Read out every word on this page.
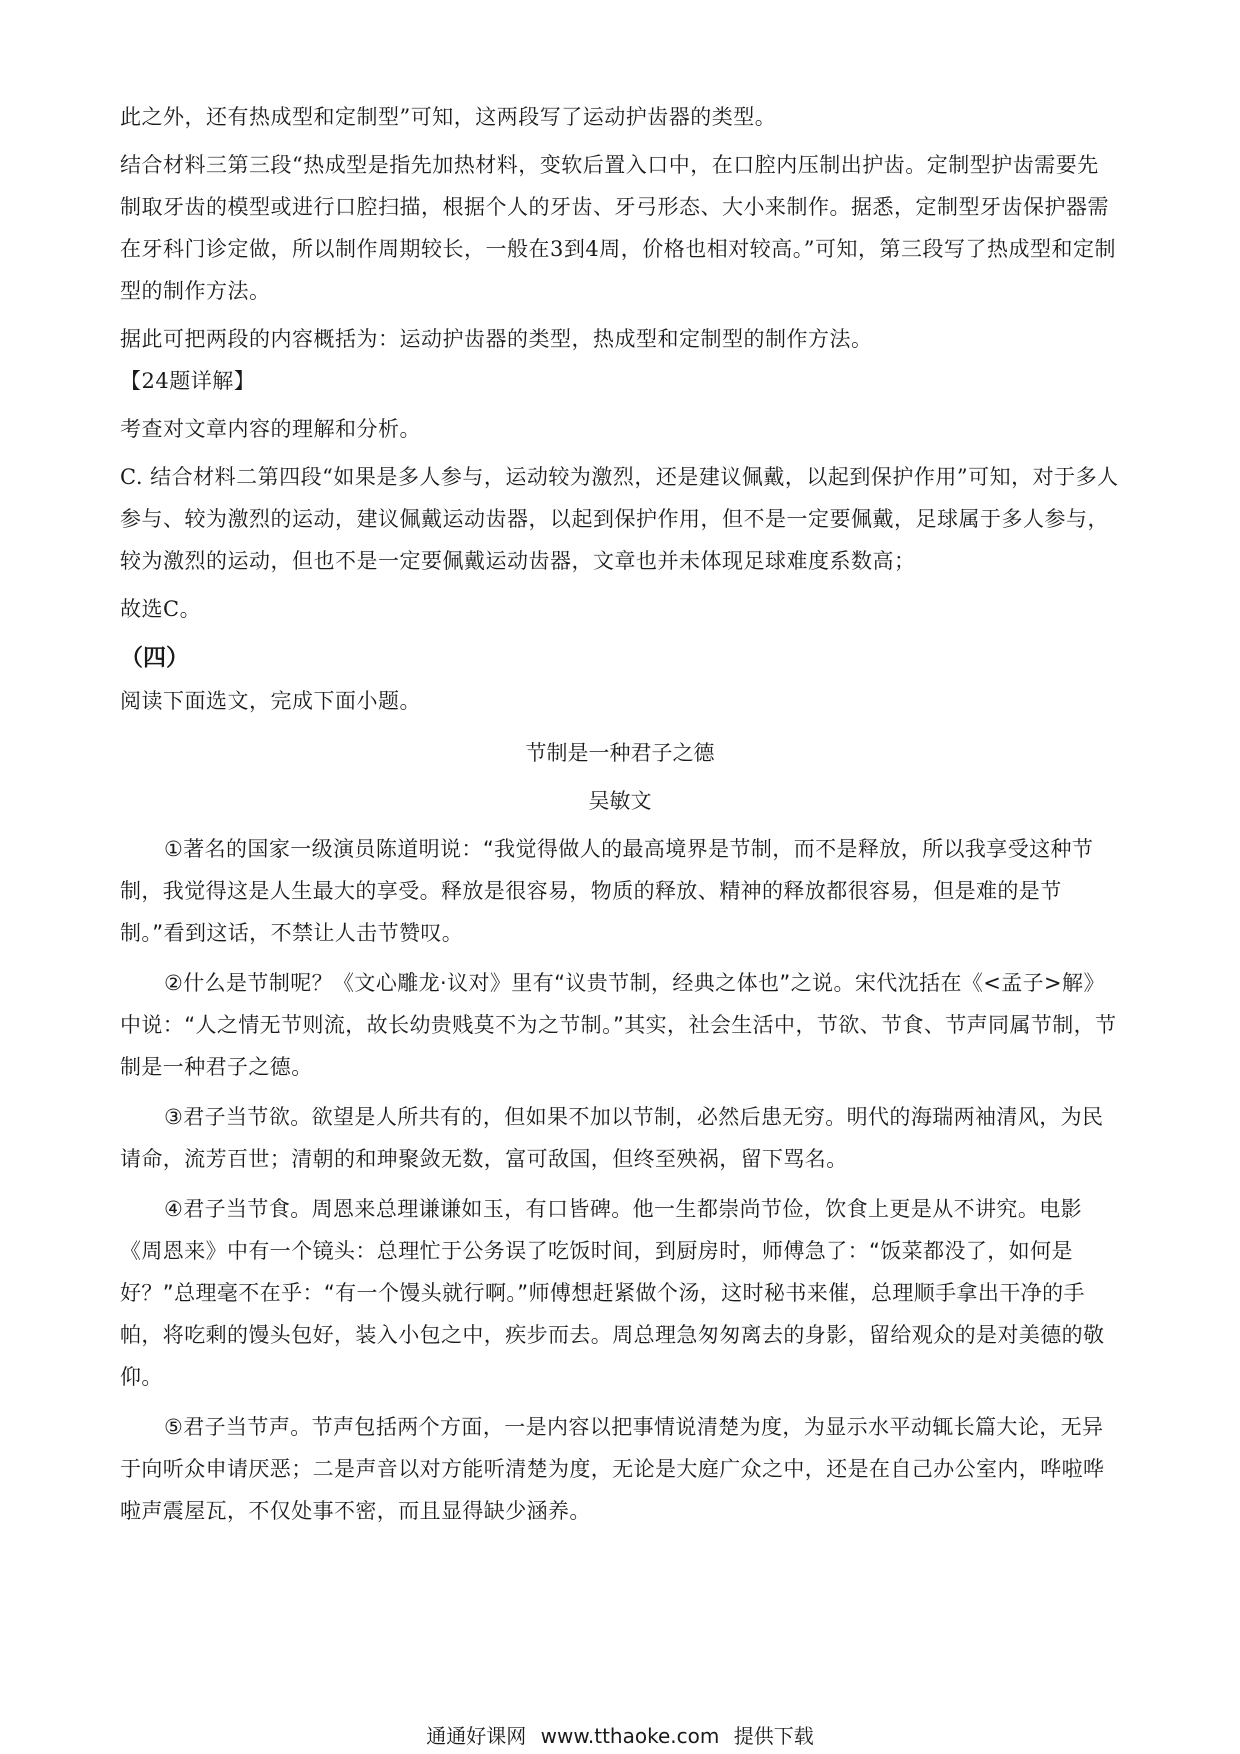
此之外，还有热成型和定制型”可知，这两段写了运动护齿器的类型。

结合材料三第三段“热成型是指先加热材料，变软后置入口中，在口腔内压制出护齿。定制型护齿需要先制取牙齿的模型或进行口腔扫描，根据个人的牙齿、牙弓形态、大小来制作。据悉，定制型牙齿保护器需在牙科门诊定做，所以制作周期较长，一般在3到4周，价格也相对较高。”可知，第三段写了热成型和定制型的制作方法。

据此可把两段的内容概括为：运动护齿器的类型，热成型和定制型的制作方法。

【24题详解】

考查对文章内容的理解和分析。

C. 结合材料二第四段“如果是多人参与，运动较为激烈，还是建议佩戴，以起到保护作用”可知，对于多人参与、较为激烈的运动，建议佩戴运动齿器，以起到保护作用，但不是一定要佩戴，足球属于多人参与，较为激烈的运动，但也不是一定要佩戴运动齿器，文章也并未体现足球难度系数高；

故选C。

（四）

阅读下面选文，完成下面小题。

节制是一种君子之德
吴敏文

①著名的国家一级演员陈道明说：“我觉得做人的最高境界是节制，而不是释放，所以我享受这种节制，我觉得这是人生最大的享受。释放是很容易，物质的释放、精神的释放都很容易，但是难的是节制。”看到这话，不禁让人击节赞叹。

②什么是节制呢？《文心雕龙·议对》里有“议贵节制，经典之体也”之说。宋代沈括在《<孟子>解》中说：“人之情无节则流，故长幼贵贱莫不为之节制。”其实，社会生活中，节欲、节食、节声同属节制，节制是一种君子之德。

③君子当节欲。欲望是人所共有的，但如果不加以节制，必然后患无穷。明代的海瑞两袖清风，为民请命，流芳百世；清朝的和珅聚敛无数，富可敌国，但终至殃祸，留下骂名。

④君子当节食。周恩来总理谦谦如玉，有口皆碑。他一生都崇尚节俭，饮食上更是从不讲究。电影《周恩来》中有一个镜头：总理忙于公务误了吃饭时间，到厨房时，师傅急了：“饭菜都没了，如何是好？”总理毫不在乎：“有一个馒头就行啊。”师傅想赶紧做个汤，这时秘书来催，总理顺手拿出干净的手帕，将吃剩的馒头包好，装入小包之中，疾步而去。周总理急匆匆离去的身影，留给观众的是对美德的敬仰。

⑤君子当节声。节声包括两个方面，一是内容以把事情说清楚为度，为显示水平动辄长篇大论，无异于向听众申请厌恶；二是声音以对方能听清楚为度，无论是大庭广众之中，还是在自己办公室内，哗啦哗啦声震屋瓦，不仅处事不密，而且显得缺少涵养。

通通好课网 www.tthaoke.com 提供下载
